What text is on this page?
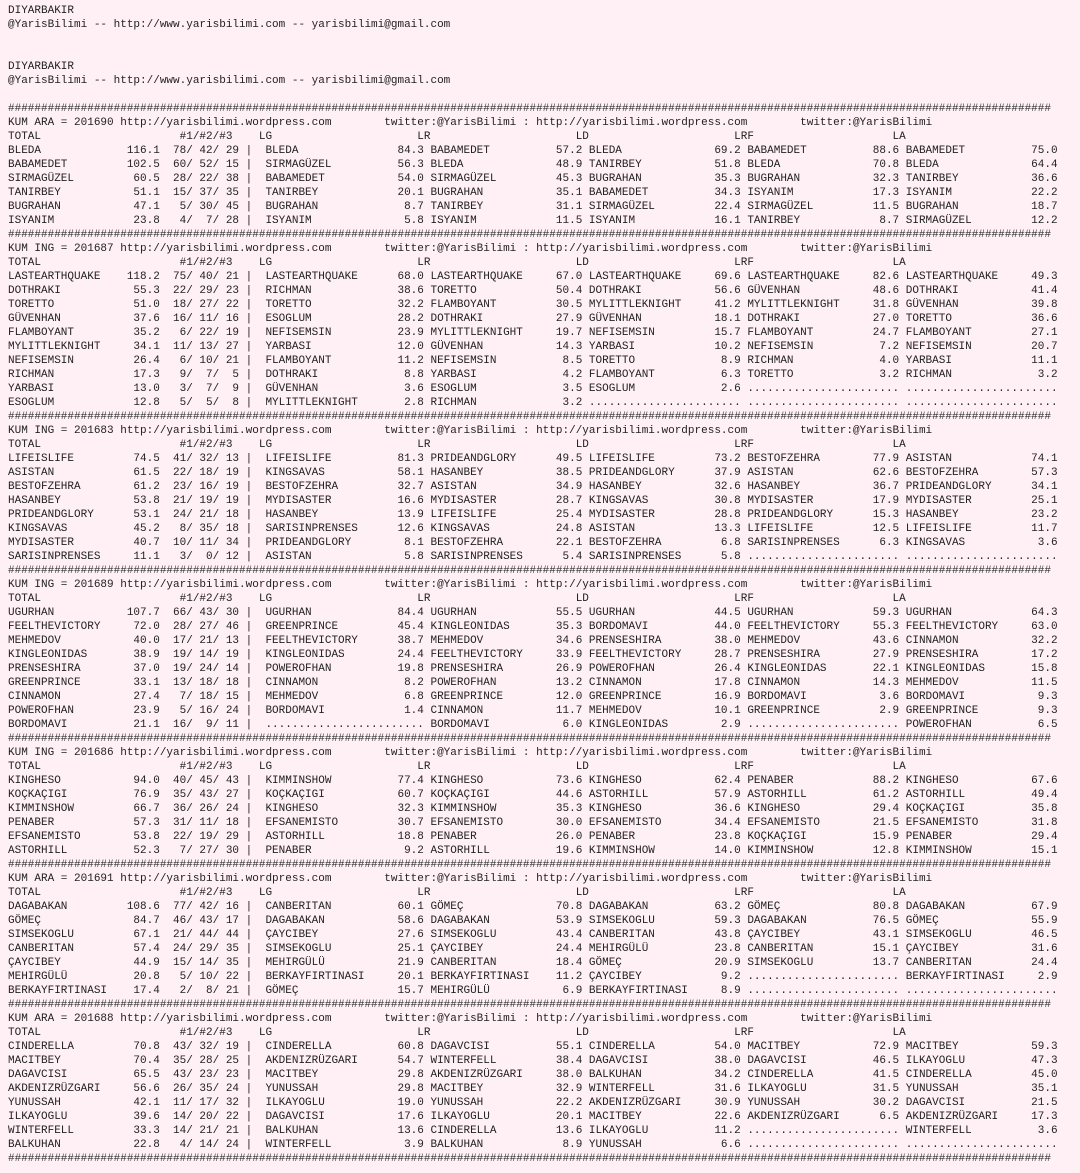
DIYARBAKIR
@YarisBilimi -- http://www.yarisbilimi.com -- yarisbilimi@gmail.com
DIYARBAKIR
@YarisBilimi -- http://www.yarisbilimi.com -- yarisbilimi@gmail.com

##############################################################################################################################################################
KUM ARA = 201690 http://yarisbilimi.wordpress.com        twitter:@YarisBilimi : http://yarisbilimi.wordpress.com        twitter:@YarisBilimi
TOTAL                     #1/#2/#3    LG                      LR                      LD                      LRF                     LA
BLEDA             116.1  78/ 42/ 29 |  BLEDA               84.3 BABAMEDET          57.2 BLEDA              69.2 BABAMEDET          88.6 BABAMEDET          75.0
BABAMEDET         102.5  60/ 52/ 15 |  SIRMAGÜZEL          56.3 BLEDA              48.9 TANIRBEY           51.8 BLEDA              70.8 BLEDA              64.4
SIRMAGÜZEL         60.5  28/ 22/ 38 |  BABAMEDET           54.0 SIRMAGÜZEL         45.3 BUGRAHAN           35.3 BUGRAHAN           32.3 TANIRBEY           36.6
TANIRBEY           51.1  15/ 37/ 35 |  TANIRBEY            20.1 BUGRAHAN           35.1 BABAMEDET          34.3 ISYANIM            17.3 ISYANIM            22.2
BUGRAHAN           47.1   5/ 30/ 45 |  BUGRAHAN             8.7 TANIRBEY           31.1 SIRMAGÜZEL         22.4 SIRMAGÜZEL         11.5 BUGRAHAN           18.7
ISYANIM            23.8   4/  7/ 28 |  ISYANIM              5.8 ISYANIM            11.5 ISYANIM            16.1 TANIRBEY            8.7 SIRMAGÜZEL         12.2
##############################################################################################################################################################
KUM ING = 201687 http://yarisbilimi.wordpress.com        twitter:@YarisBilimi : http://yarisbilimi.wordpress.com        twitter:@YarisBilimi
TOTAL                     #1/#2/#3    LG                      LR                      LD                      LRF                     LA
LASTEARTHQUAKE    118.2  75/ 40/ 21 |  LASTEARTHQUAKE      68.0 LASTEARTHQUAKE     67.0 LASTEARTHQUAKE     69.6 LASTEARTHQUAKE     82.6 LASTEARTHQUAKE     49.3
DOTHRAKI           55.3  22/ 29/ 23 |  RICHMAN             38.6 TORETTO            50.4 DOTHRAKI           56.6 GÜVENHAN           48.6 DOTHRAKI           41.4
TORETTO            51.0  18/ 27/ 22 |  TORETTO             32.2 FLAMBOYANT         30.5 MYLITTLEKNIGHT     41.2 MYLITTLEKNIGHT     31.8 GÜVENHAN           39.8
GÜVENHAN           37.6  16/ 11/ 16 |  ESOGLUM             28.2 DOTHRAKI           27.9 GÜVENHAN           18.1 DOTHRAKI           27.0 TORETTO            36.6
FLAMBOYANT         35.2   6/ 22/ 19 |  NEFISEMSIN          23.9 MYLITTLEKNIGHT     19.7 NEFISEMSIN         15.7 FLAMBOYANT         24.7 FLAMBOYANT         27.1
MYLITTLEKNIGHT     34.1  11/ 13/ 27 |  YARBASI             12.0 GÜVENHAN           14.3 YARBASI            10.2 NEFISEMSIN          7.2 NEFISEMSIN         20.7
NEFISEMSIN         26.4   6/ 10/ 21 |  FLAMBOYANT          11.2 NEFISEMSIN          8.5 TORETTO             8.9 RICHMAN             4.0 YARBASI            11.1
RICHMAN            17.3   9/  7/  5 |  DOTHRAKI             8.8 YARBASI             4.2 FLAMBOYANT          6.3 TORETTO             3.2 RICHMAN             3.2
YARBASI            13.0   3/  7/  9 |  GÜVENHAN             3.6 ESOGLUM             3.5 ESOGLUM             2.6 ....................... .......................
ESOGLUM            12.8   5/  5/  8 |  MYLITTLEKNIGHT       2.8 RICHMAN             3.2 ....................... ....................... .......................
##############################################################################################################################################################
KUM ING = 201683 http://yarisbilimi.wordpress.com        twitter:@YarisBilimi : http://yarisbilimi.wordpress.com        twitter:@YarisBilimi
TOTAL                     #1/#2/#3    LG                      LR                      LD                      LRF                     LA
LIFEISLIFE         74.5  41/ 32/ 13 |  LIFEISLIFE          81.3 PRIDEANDGLORY      49.5 LIFEISLIFE         73.2 BESTOFZEHRA        77.9 ASISTAN            74.1
ASISTAN            61.5  22/ 18/ 19 |  KINGSAVAS           58.1 HASANBEY           38.5 PRIDEANDGLORY      37.9 ASISTAN            62.6 BESTOFZEHRA        57.3
BESTOFZEHRA        61.2  23/ 16/ 19 |  BESTOFZEHRA         32.7 ASISTAN            34.9 HASANBEY           32.6 HASANBEY           36.7 PRIDEANDGLORY      34.1
HASANBEY           53.8  21/ 19/ 19 |  MYDISASTER          16.6 MYDISASTER         28.7 KINGSAVAS          30.8 MYDISASTER         17.9 MYDISASTER         25.1
PRIDEANDGLORY      53.1  24/ 21/ 18 |  HASANBEY            13.9 LIFEISLIFE         25.4 MYDISASTER         28.8 PRIDEANDGLORY      15.3 HASANBEY           23.2
KINGSAVAS          45.2   8/ 35/ 18 |  SARISINPRENSES      12.6 KINGSAVAS          24.8 ASISTAN            13.3 LIFEISLIFE         12.5 LIFEISLIFE         11.7
MYDISASTER         40.7  10/ 11/ 34 |  PRIDEANDGLORY        8.1 BESTOFZEHRA        22.1 BESTOFZEHRA         6.8 SARISINPRENSES      6.3 KINGSAVAS           3.6
SARISINPRENSES     11.1   3/  0/ 12 |  ASISTAN              5.8 SARISINPRENSES      5.4 SARISINPRENSES      5.8 ....................... .......................
##############################################################################################################################################################
KUM ING = 201689 http://yarisbilimi.wordpress.com        twitter:@YarisBilimi : http://yarisbilimi.wordpress.com        twitter:@YarisBilimi
TOTAL                     #1/#2/#3    LG                      LR                      LD                      LRF                     LA
UGURHAN           107.7  66/ 43/ 30 |  UGURHAN             84.4 UGURHAN            55.5 UGURHAN            44.5 UGURHAN            59.3 UGURHAN            64.3
FEELTHEVICTORY     72.0  28/ 27/ 46 |  GREENPRINCE         45.4 KINGLEONIDAS       35.3 BORDOMAVI          44.0 FEELTHEVICTORY     55.3 FEELTHEVICTORY     63.0
MEHMEDOV           40.0  17/ 21/ 13 |  FEELTHEVICTORY      38.7 MEHMEDOV           34.6 PRENSESHIRA        38.0 MEHMEDOV           43.6 CINNAMON           32.2
KINGLEONIDAS       38.9  19/ 14/ 19 |  KINGLEONIDAS        24.4 FEELTHEVICTORY     33.9 FEELTHEVICTORY     28.7 PRENSESHIRA        27.9 PRENSESHIRA        17.2
PRENSESHIRA        37.0  19/ 24/ 14 |  POWEROFHAN          19.8 PRENSESHIRA        26.9 POWEROFHAN         26.4 KINGLEONIDAS       22.1 KINGLEONIDAS       15.8
GREENPRINCE        33.1  13/ 18/ 18 |  CINNAMON             8.2 POWEROFHAN         13.2 CINNAMON           17.8 CINNAMON           14.3 MEHMEDOV           11.5
CINNAMON           27.4   7/ 18/ 15 |  MEHMEDOV             6.8 GREENPRINCE        12.0 GREENPRINCE        16.9 BORDOMAVI           3.6 BORDOMAVI           9.3
POWEROFHAN         23.9   5/ 16/ 24 |  BORDOMAVI            1.4 CINNAMON           11.7 MEHMEDOV           10.1 GREENPRINCE         2.9 GREENPRINCE         9.3
BORDOMAVI          21.1  16/  9/ 11 |  ........................ BORDOMAVI           6.0 KINGLEONIDAS        2.9 ....................... POWEROFHAN          6.5
##############################################################################################################################################################
KUM ING = 201686 http://yarisbilimi.wordpress.com        twitter:@YarisBilimi : http://yarisbilimi.wordpress.com        twitter:@YarisBilimi
TOTAL                     #1/#2/#3    LG                      LR                      LD                      LRF                     LA
KINGHESO           94.0  40/ 45/ 43 |  KIMMINSHOW          77.4 KINGHESO           73.6 KINGHESO           62.4 PENABER            88.2 KINGHESO           67.6
KOÇKAÇIGI          76.9  35/ 43/ 27 |  KOÇKAÇIGI           60.7 KOÇKAÇIGI          44.6 ASTORHILL          57.9 ASTORHILL          61.2 ASTORHILL          49.4
KIMMINSHOW         66.7  36/ 26/ 24 |  KINGHESO            32.3 KIMMINSHOW         35.3 KINGHESO           36.6 KINGHESO           29.4 KOÇKAÇIGI          35.8
PENABER            57.3  31/ 11/ 18 |  EFSANEMISTO         30.7 EFSANEMISTO        30.0 EFSANEMISTO        34.4 EFSANEMISTO        21.5 EFSANEMISTO        31.8
EFSANEMISTO        53.8  22/ 19/ 29 |  ASTORHILL           18.8 PENABER            26.0 PENABER            23.8 KOÇKAÇIGI          15.9 PENABER            29.4
ASTORHILL          52.3   7/ 27/ 30 |  PENABER              9.2 ASTORHILL          19.6 KIMMINSHOW         14.0 KIMMINSHOW         12.8 KIMMINSHOW         15.1
##############################################################################################################################################################
KUM ARA = 201691 http://yarisbilimi.wordpress.com        twitter:@YarisBilimi : http://yarisbilimi.wordpress.com        twitter:@YarisBilimi
TOTAL                     #1/#2/#3    LG                      LR                      LD                      LRF                     LA
DAGABAKAN         108.6  77/ 42/ 16 |  CANBERITAN          60.1 GÖMEÇ              70.8 DAGABAKAN          63.2 GÖMEÇ              80.8 DAGABAKAN          67.9
GÖMEÇ              84.7  46/ 43/ 17 |  DAGABAKAN           58.6 DAGABAKAN          53.9 SIMSEKOGLU         59.3 DAGABAKAN          76.5 GÖMEÇ              55.9
SIMSEKOGLU         67.1  21/ 44/ 44 |  ÇAYCIBEY            27.6 SIMSEKOGLU         43.4 CANBERITAN         43.8 ÇAYCIBEY           43.1 SIMSEKOGLU         46.5
CANBERITAN         57.4  24/ 29/ 35 |  SIMSEKOGLU          25.1 ÇAYCIBEY           24.4 MEHIRGÜLÜ          23.8 CANBERITAN         15.1 ÇAYCIBEY           31.6
ÇAYCIBEY           44.9  15/ 14/ 35 |  MEHIRGÜLÜ           21.9 CANBERITAN         18.4 GÖMEÇ              20.9 SIMSEKOGLU         13.7 CANBERITAN         24.4
MEHIRGÜLÜ          20.8   5/ 10/ 22 |  BERKAYFIRTINASI     20.1 BERKAYFIRTINASI    11.2 ÇAYCIBEY            9.2 ....................... BERKAYFIRTINASI     2.9
BERKAYFIRTINASI    17.4   2/  8/ 21 |  GÖMEÇ               15.7 MEHIRGÜLÜ           6.9 BERKAYFIRTINASI     8.9 ....................... .......................
##############################################################################################################################################################
KUM ARA = 201688 http://yarisbilimi.wordpress.com        twitter:@YarisBilimi : http://yarisbilimi.wordpress.com        twitter:@YarisBilimi
TOTAL                     #1/#2/#3    LG                      LR                      LD                      LRF                     LA
CINDERELLA         70.8  43/ 32/ 19 |  CINDERELLA          60.8 DAGAVCISI          55.1 CINDERELLA         54.0 MACITBEY           72.9 MACITBEY           59.3
MACITBEY           70.4  35/ 28/ 25 |  AKDENIZRÜZGARI      54.7 WINTERFELL         38.4 DAGAVCISI          38.0 DAGAVCISI          46.5 ILKAYOGLU          47.3
DAGAVCISI          65.5  43/ 23/ 23 |  MACITBEY            29.8 AKDENIZRÜZGARI     38.0 BALKUHAN           34.2 CINDERELLA         41.5 CINDERELLA         45.0
AKDENIZRÜZGARI     56.6  26/ 35/ 24 |  YUNUSSAH            29.8 MACITBEY           32.9 WINTERFELL         31.6 ILKAYOGLU          31.5 YUNUSSAH           35.1
YUNUSSAH           42.1  11/ 17/ 32 |  ILKAYOGLU           19.0 YUNUSSAH           22.2 AKDENIZRÜZGARI     30.9 YUNUSSAH           30.2 DAGAVCISI          21.5
ILKAYOGLU          39.6  14/ 20/ 22 |  DAGAVCISI           17.6 ILKAYOGLU          20.1 MACITBEY           22.6 AKDENIZRÜZGARI      6.5 AKDENIZRÜZGARI     17.3
WINTERFELL         33.3  14/ 21/ 21 |  BALKUHAN            13.6 CINDERELLA         13.6 ILKAYOGLU          11.2 ....................... WINTERFELL          3.6
BALKUHAN           22.8   4/ 14/ 24 |  WINTERFELL           3.9 BALKUHAN            8.9 YUNUSSAH            6.6 ....................... .......................
##############################################################################################################################################################
